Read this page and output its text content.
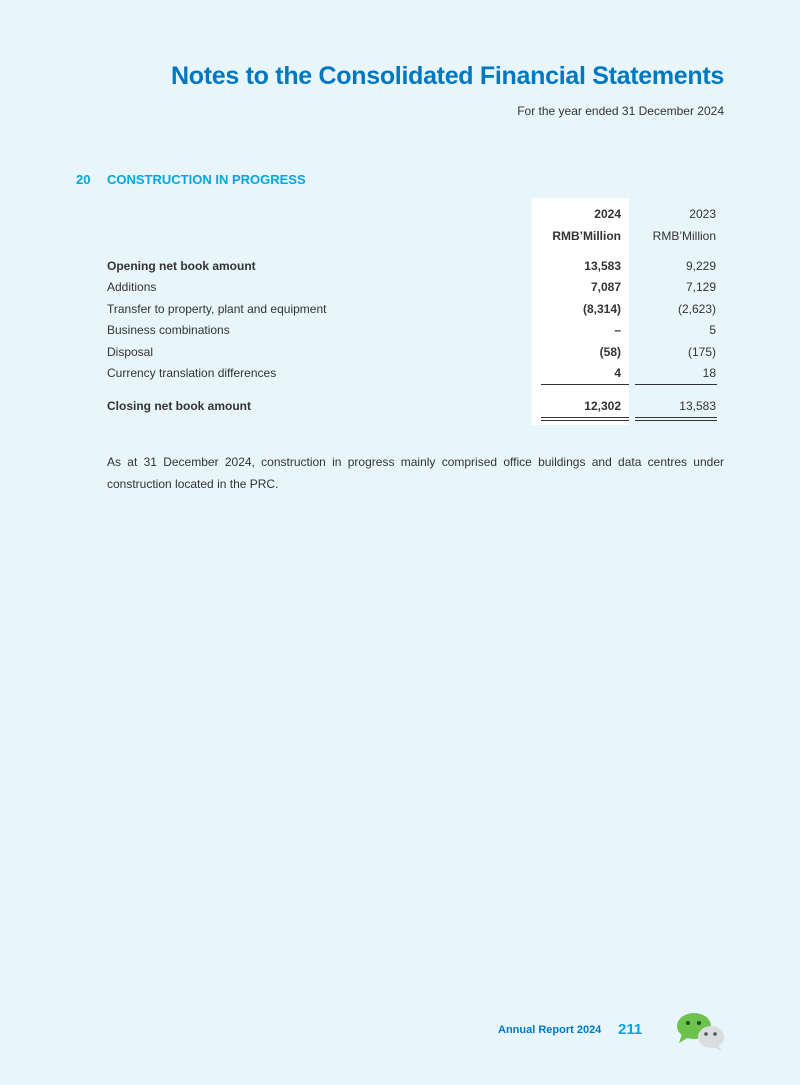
Notes to the Consolidated Financial Statements
For the year ended 31 December 2024
20 CONSTRUCTION IN PROGRESS
2024	2023
RMB’Million	RMB’Million
Opening net book amount	13,583	9,229
Additions	7,087	7,129
Transfer to property, plant and equipment	(8,314)	(2,623)
Business combinations	–	5
Disposal	(58)	(175)
Currency translation differences	4	18
Closing net book amount	12,302	13,583
As at 31 December 2024, construction in progress mainly comprised office buildings and data centres under construction located in the PRC.
Annual Report 2024 211
